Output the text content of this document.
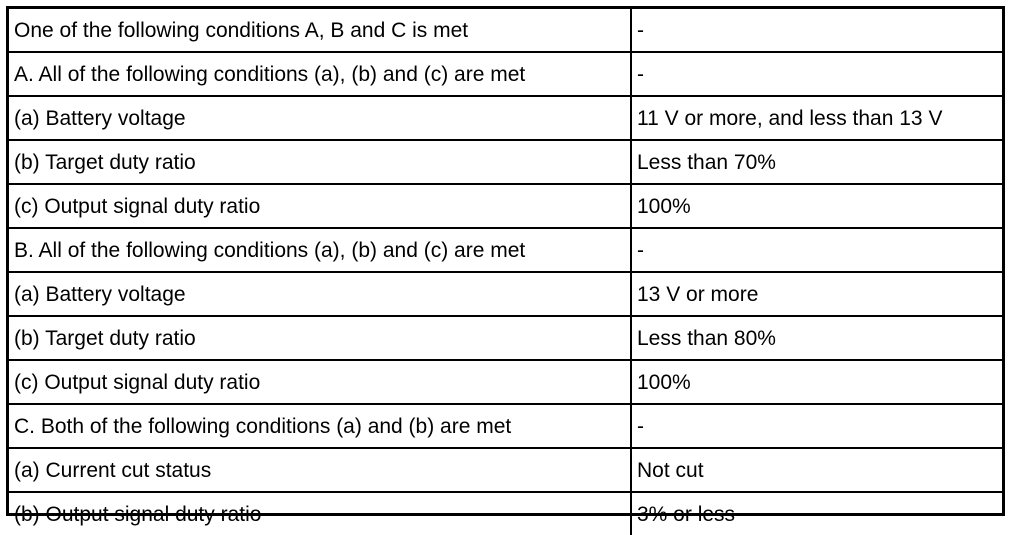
One of the following conditions A, B and C is met	-
A. All of the following conditions (a), (b) and (c) are met	-
(a) Battery voltage	11 V or more, and less than 13 V
(b) Target duty ratio	Less than 70%
(c) Output signal duty ratio	100%
B. All of the following conditions (a), (b) and (c) are met	-
(a) Battery voltage	13 V or more
(b) Target duty ratio	Less than 80%
(c) Output signal duty ratio	100%
C. Both of the following conditions (a) and (b) are met	-
(a) Current cut status	Not cut
(b) Output signal duty ratio	3% or less
